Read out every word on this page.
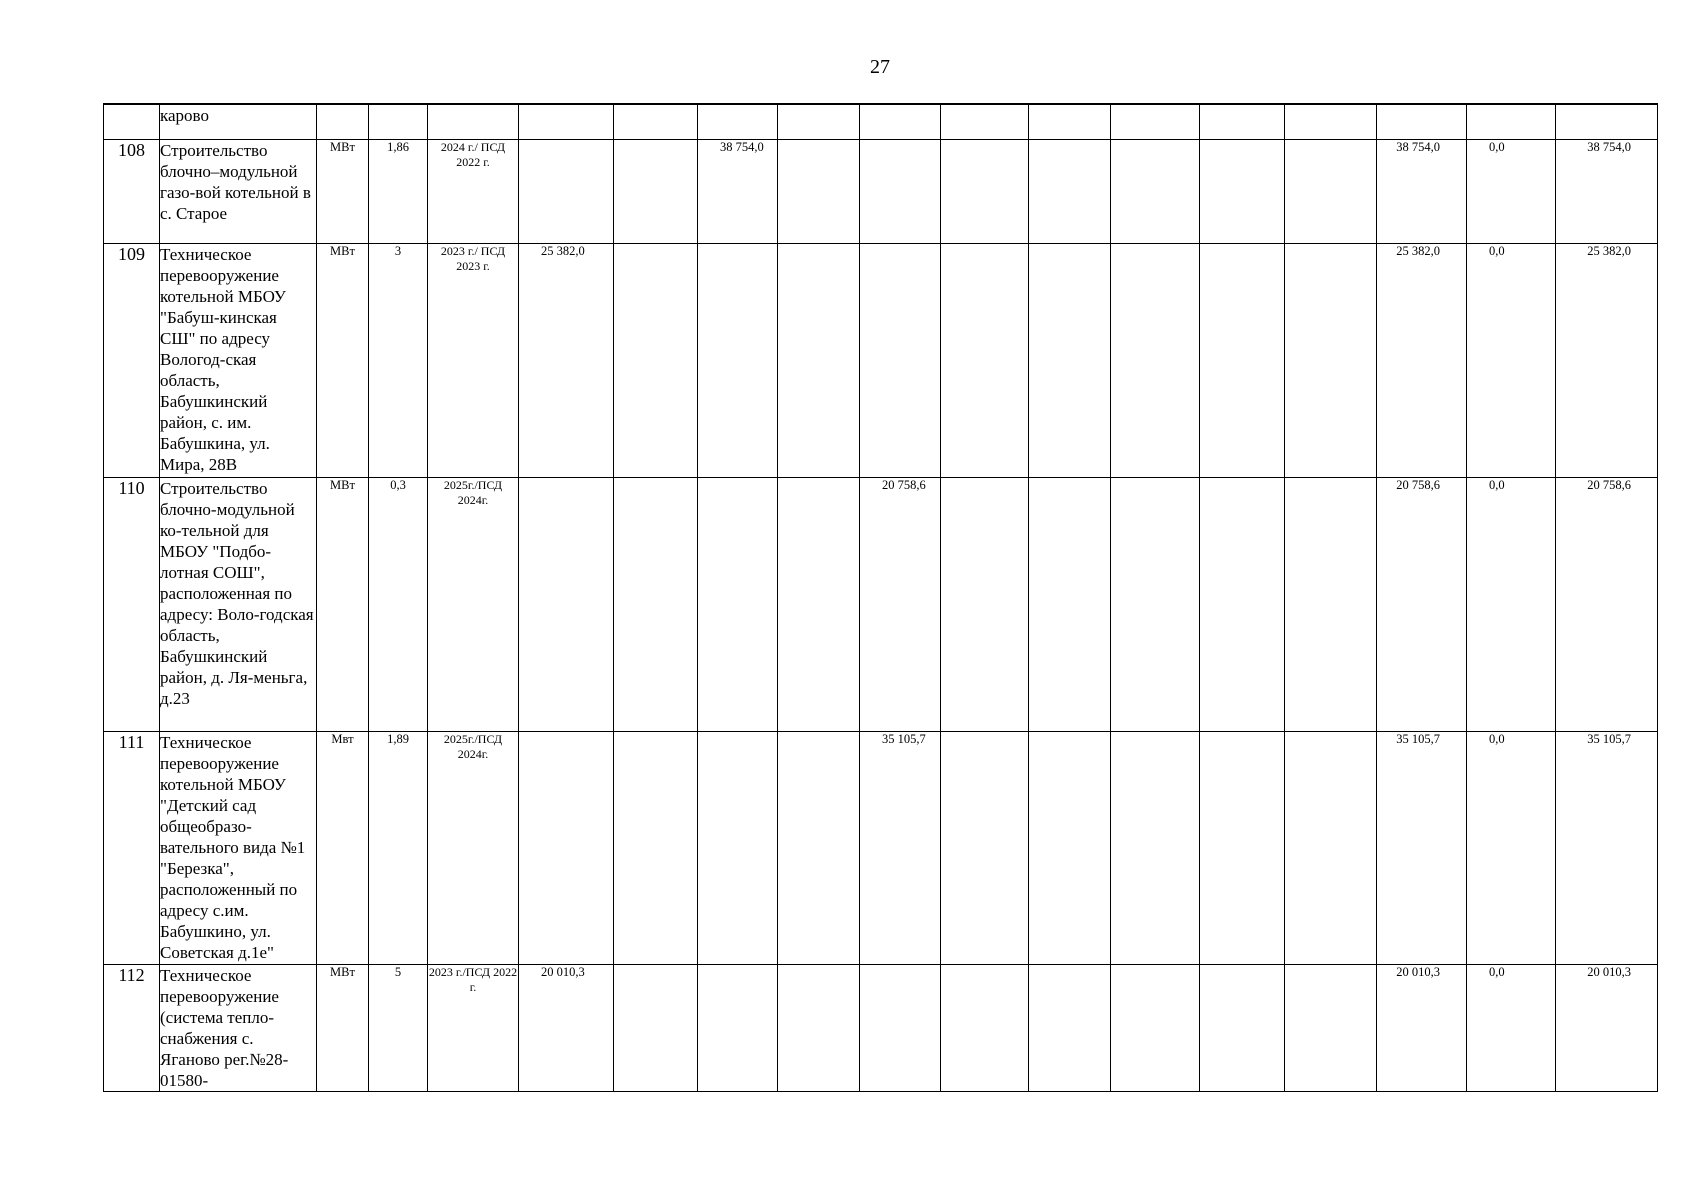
27
	карово																
108	Строительство блочно–модульной газо-вой котельной в с. Старое	МВт	1,86	2024 г./ ПСД 2022 г.			38 754,0								38 754,0	0,0	38 754,0
109	Техническое перевооружение котельной МБОУ "Бабуш-кинская СШ" по адресу Вологод-ская область, Бабушкинский район, с. им. Бабушкина, ул. Мира, 28В	МВт	3	2023 г./ ПСД 2023 г.	25 382,0										25 382,0	0,0	25 382,0
110	Строительство блочно-модульной ко-тельной для МБОУ "Подбо-лотная СОШ", расположенная по адресу: Воло-годская область, Бабушкинский район, д. Ля-меньга, д.23	МВт	0,3	2025г./ПСД 2024г.					20 758,6						20 758,6	0,0	20 758,6
111	Техническое перевооружение котельной МБОУ "Детский сад общеобразо-вательного вида №1 "Березка", расположенный по адресу с.им. Бабушкино, ул. Советская д.1е"	Мвт	1,89	2025г./ПСД 2024г.					35 105,7						35 105,7	0,0	35 105,7
112	Техническое перевооружение (система тепло-снабжения с. Яганово рег.№28-01580-	МВт	5	2023 г./ПСД 2022 г.	20 010,3										20 010,3	0,0	20 010,3
